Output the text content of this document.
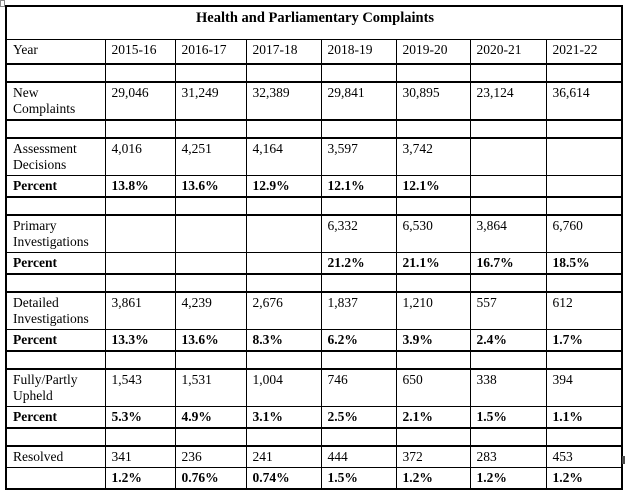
Health and Parliamentary Complaints							
Year	2015-16	2016-17	2017-18	2018-19	2019-20	2020-21	2021-22

New Complaints	29,046	31,249	32,389	29,841	30,895	23,124	36,614

Assessment Decisions	4,016	4,251	4,164	3,597	3,742		
Percent	13.8%	13.6%	12.9%	12.1%	12.1%		

Primary Investigations				6,332	6,530	3,864	6,760
Percent				21.2%	21.1%	16.7%	18.5%

Detailed Investigations	3,861	4,239	2,676	1,837	1,210	557	612
Percent	13.3%	13.6%	8.3%	6.2%	3.9%	2.4%	1.7%

Fully/Partly Upheld	1,543	1,531	1,004	746	650	338	394
Percent	5.3%	4.9%	3.1%	2.5%	2.1%	1.5%	1.1%

Resolved	341	236	241	444	372	283	453
	1.2%	0.76%	0.74%	1.5%	1.2%	1.2%	1.2%
